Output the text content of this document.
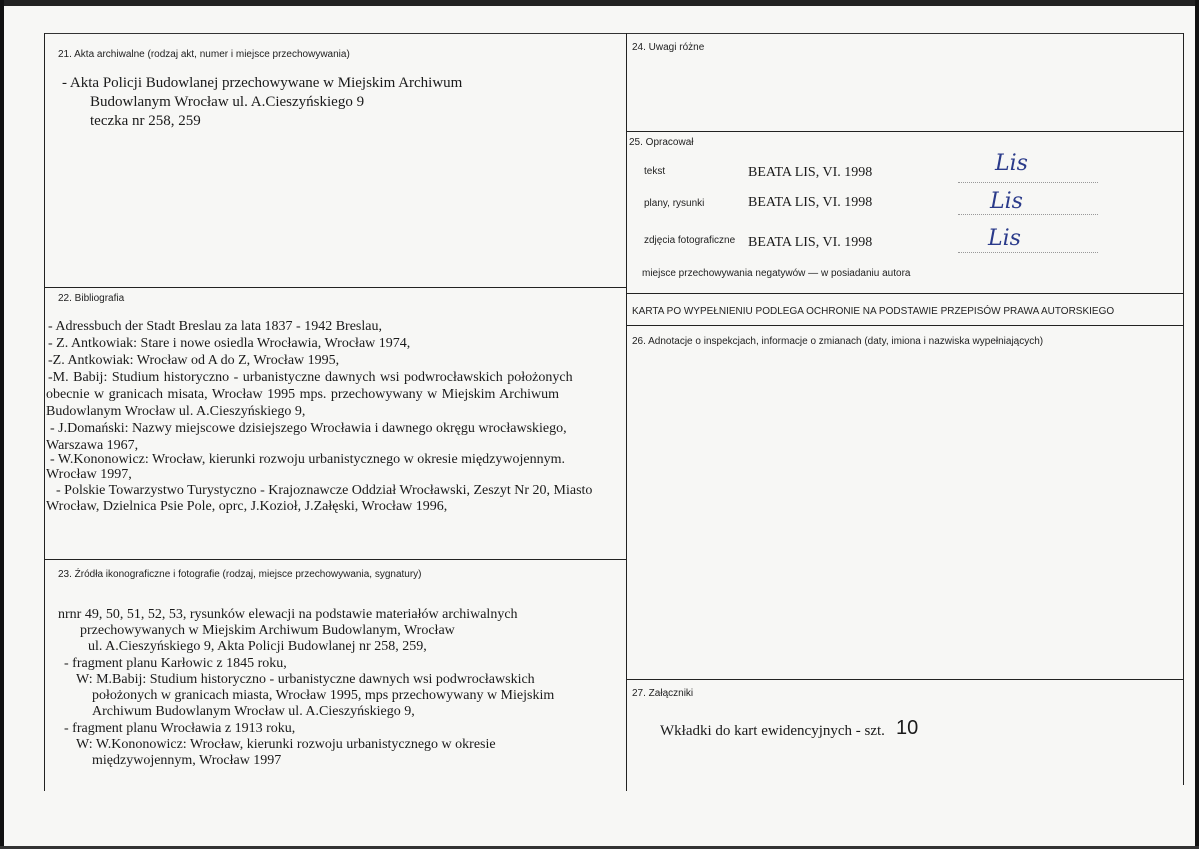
21. Akta archiwalne (rodzaj akt, numer i miejsce przechowywania)
- Akta Policji Budowlanej przechowywane w Miejskim Archiwum
Budowlanym Wrocław ul. A.Cieszyńskiego 9
teczka nr 258, 259
22. Bibliografia
- Adressbuch der Stadt Breslau za lata 1837 - 1942 Breslau,
- Z. Antkowiak: Stare i nowe osiedla Wrocławia, Wrocław 1974,
-Z. Antkowiak: Wrocław od A do Z, Wrocław 1995,
-M. Babij: Studium historyczno - urbanistyczne dawnych wsi podwrocławskich położonych
obecnie w granicach misata, Wrocław 1995 mps. przechowywany w Miejskim Archiwum
Budowlanym Wrocław ul. A.Cieszyńskiego 9,
- J.Domański: Nazwy miejscowe dzisiejszego Wrocławia i dawnego okręgu wrocławskiego,
Warszawa 1967,
- W.Kononowicz: Wrocław, kierunki rozwoju urbanistycznego w okresie międzywojennym.
Wrocław 1997,
- Polskie Towarzystwo Turystyczno - Krajoznawcze Oddział Wrocławski, Zeszyt Nr 20, Miasto
Wrocław, Dzielnica Psie Pole, oprc, J.Kozioł, J.Załęski, Wrocław 1996,
23. Źródła ikonograficzne i fotografie (rodzaj, miejsce przechowywania, sygnatury)
nrnr 49, 50, 51, 52, 53, rysunków elewacji na podstawie materiałów archiwalnych
przechowywanych w Miejskim Archiwum Budowlanym, Wrocław
ul. A.Cieszyńskiego 9, Akta Policji Budowlanej nr 258, 259,
- fragment planu Karłowic z 1845 roku,
W: M.Babij: Studium historyczno - urbanistyczne dawnych wsi podwrocławskich
położonych w granicach miasta, Wrocław 1995, mps przechowywany w Miejskim
Archiwum Budowlanym Wrocław ul. A.Cieszyńskiego 9,
- fragment planu Wrocławia z 1913 roku,
W: W.Kononowicz: Wrocław, kierunki rozwoju urbanistycznego w okresie
międzywojennym, Wrocław 1997
24. Uwagi różne
25. Opracował
tekst	BEATA LIS, VI. 1998	Lis
plany, rysunki	BEATA LIS, VI. 1998	Lis
zdjęcia fotograficzne BEATA LIS, VI. 1998	Lis
miejsce przechowywania negatywów — w posiadaniu autora
KARTA PO WYPEŁNIENIU PODLEGA OCHRONIE NA PODSTAWIE PRZEPISÓW PRAWA AUTORSKIEGO
26. Adnotacje o inspekcjach, informacje o zmianach (daty, imiona i nazwiska wypełniających)
27. Załączniki
Wkładki do kart ewidencyjnych - szt. 10
